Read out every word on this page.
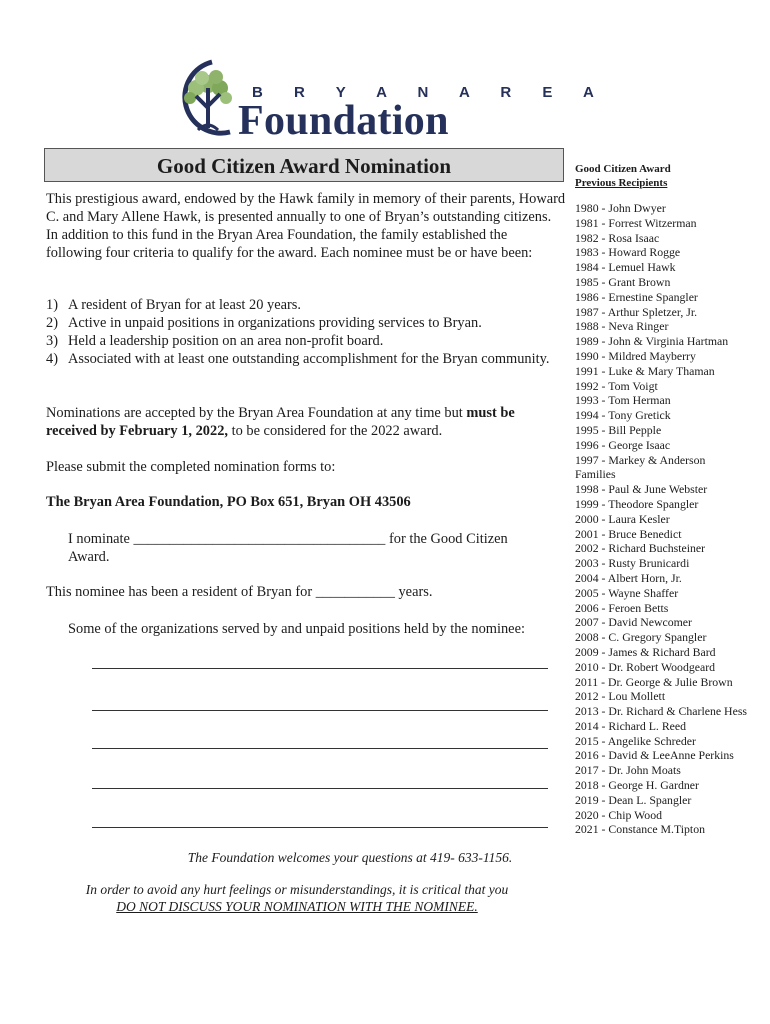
B R Y A N A R E A
Foundation
Good Citizen Award Nomination
This prestigious award, endowed by the Hawk family in memory of their parents, Howard C. and Mary Allene Hawk, is presented annually to one of Bryan’s outstanding citizens. In addition to this fund in the Bryan Area Foundation, the family established the following four criteria to qualify for the award. Each nominee must be or have been:
1) A resident of Bryan for at least 20 years.
2) Active in unpaid positions in organizations providing services to Bryan.
3) Held a leadership position on an area non-profit board.
4) Associated with at least one outstanding accomplishment for the Bryan community.
Nominations are accepted by the Bryan Area Foundation at any time but must be received by February 1, 2022, to be considered for the 2022 award.
Please submit the completed nomination forms to:
The Bryan Area Foundation, PO Box 651, Bryan OH 43506
I nominate ___________________________________ for the Good Citizen Award.
This nominee has been a resident of Bryan for ___________ years.
Some of the organizations served by and unpaid positions held by the nominee:
The Foundation welcomes your questions at 419- 633-1156.
In order to avoid any hurt feelings or misunderstandings, it is critical that you
DO NOT DISCUSS YOUR NOMINATION WITH THE NOMINEE.
Good Citizen Award
Previous Recipients
1980 - John Dwyer
1981 - Forrest Witzerman
1982 - Rosa Isaac
1983 - Howard Rogge
1984 - Lemuel Hawk
1985 - Grant Brown
1986 - Ernestine Spangler
1987 - Arthur Spletzer, Jr.
1988 - Neva Ringer
1989 - John & Virginia Hartman
1990 - Mildred Mayberry
1991 - Luke & Mary Thaman
1992 - Tom Voigt
1993 - Tom Herman
1994 - Tony Gretick
1995 - Bill Pepple
1996 - George Isaac
1997 - Markey & Anderson Families
1998 - Paul & June Webster
1999 - Theodore Spangler
2000 - Laura Kesler
2001 - Bruce Benedict
2002 - Richard Buchsteiner
2003 - Rusty Brunicardi
2004 - Albert Horn, Jr.
2005 - Wayne Shaffer
2006 - Feroen Betts
2007 - David Newcomer
2008 - C. Gregory Spangler
2009 - James & Richard Bard
2010 - Dr. Robert Woodgeard
2011 - Dr. George & Julie Brown
2012 - Lou Mollett
2013 - Dr. Richard & Charlene Hess
2014 - Richard L. Reed
2015 - Angelike Schreder
2016 - David & LeeAnne Perkins
2017 - Dr. John Moats
2018 - George H. Gardner
2019 - Dean L. Spangler
2020 - Chip Wood
2021 - Constance M.Tipton
